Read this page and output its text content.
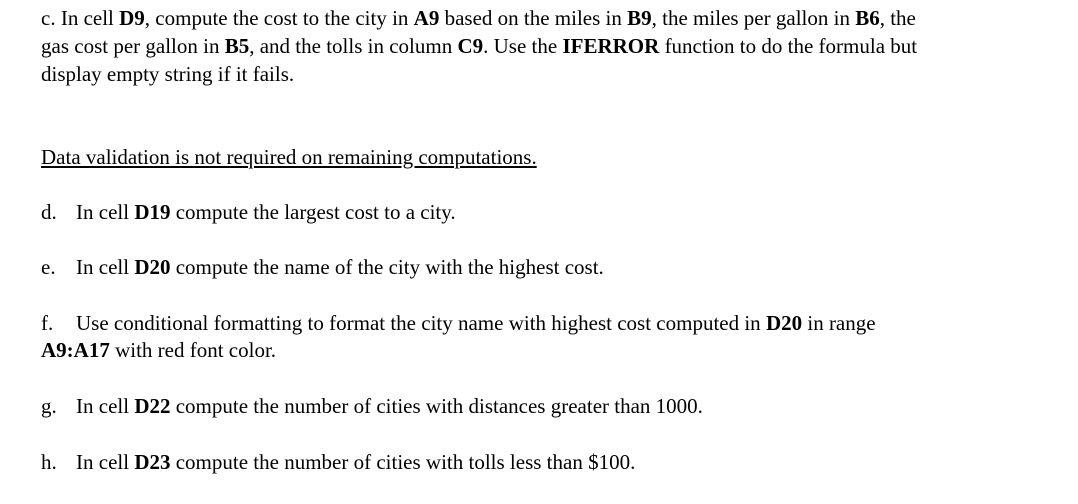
c. In cell D9, compute the cost to the city in A9 based on the miles in B9, the miles per gallon in B6, the
gas cost per gallon in B5, and the tolls in column C9. Use the IFERROR function to do the formula but
display empty string if it fails.
Data validation is not required on remaining computations.
d. In cell D19 compute the largest cost to a city.
e. In cell D20 compute the name of the city with the highest cost.
f. Use conditional formatting to format the city name with highest cost computed in D20 in range
A9:A17 with red font color.
g. In cell D22 compute the number of cities with distances greater than 1000.
h. In cell D23 compute the number of cities with tolls less than $100.
